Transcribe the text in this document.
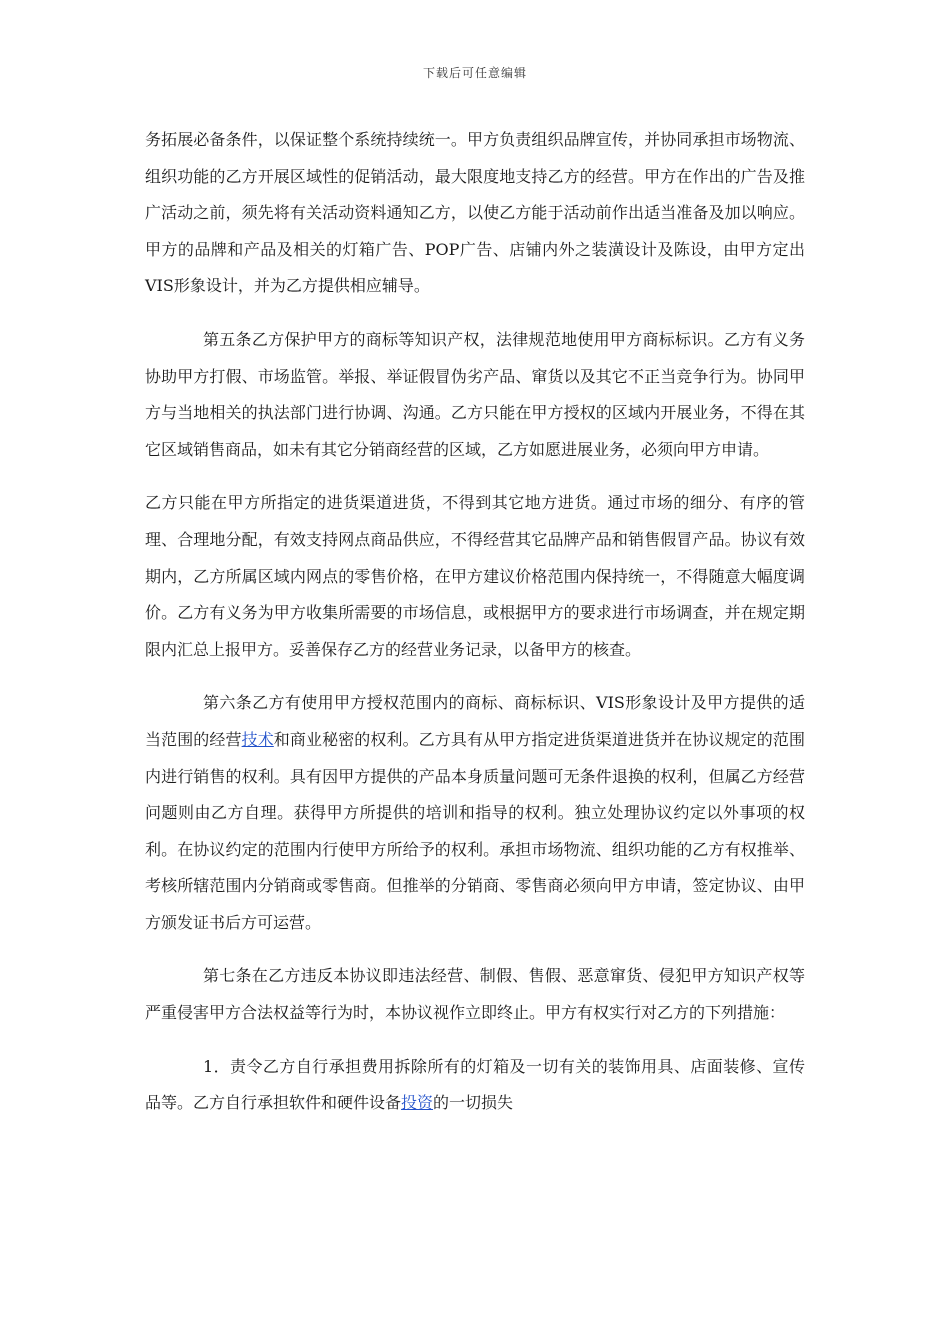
下载后可任意编辑

务拓展必备条件，以保证整个系统持续统一。甲方负责组织品牌宣传，并协同承担市场物流、组织功能的乙方开展区域性的促销活动，最大限度地支持乙方的经营。甲方在作出的广告及推广活动之前，须先将有关活动资料通知乙方，以使乙方能于活动前作出适当准备及加以响应。甲方的品牌和产品及相关的灯箱广告、POP广告、店铺内外之装潢设计及陈设，由甲方定出VIS形象设计，并为乙方提供相应辅导。

第五条乙方保护甲方的商标等知识产权，法律规范地使用甲方商标标识。乙方有义务协助甲方打假、市场监管。举报、举证假冒伪劣产品、窜货以及其它不正当竞争行为。协同甲方与当地相关的执法部门进行协调、沟通。乙方只能在甲方授权的区域内开展业务，不得在其它区域销售商品，如未有其它分销商经营的区域，乙方如愿进展业务，必须向甲方申请。

乙方只能在甲方所指定的进货渠道进货，不得到其它地方进货。通过市场的细分、有序的管理、合理地分配，有效支持网点商品供应，不得经营其它品牌产品和销售假冒产品。协议有效期内，乙方所属区域内网点的零售价格，在甲方建议价格范围内保持统一，不得随意大幅度调价。乙方有义务为甲方收集所需要的市场信息，或根据甲方的要求进行市场调查，并在规定期限内汇总上报甲方。妥善保存乙方的经营业务记录，以备甲方的核查。

第六条乙方有使用甲方授权范围内的商标、商标标识、VIS形象设计及甲方提供的适当范围的经营技术和商业秘密的权利。乙方具有从甲方指定进货渠道进货并在协议规定的范围内进行销售的权利。具有因甲方提供的产品本身质量问题可无条件退换的权利，但属乙方经营问题则由乙方自理。获得甲方所提供的培训和指导的权利。独立处理协议约定以外事项的权利。在协议约定的范围内行使甲方所给予的权利。承担市场物流、组织功能的乙方有权推举、考核所辖范围内分销商或零售商。但推举的分销商、零售商必须向甲方申请，签定协议、由甲方颁发证书后方可运营。

第七条在乙方违反本协议即违法经营、制假、售假、恶意窜货、侵犯甲方知识产权等严重侵害甲方合法权益等行为时，本协议视作立即终止。甲方有权实行对乙方的下列措施：

1．责令乙方自行承担费用拆除所有的灯箱及一切有关的装饰用具、店面装修、宣传品等。乙方自行承担软件和硬件设备投资的一切损失
